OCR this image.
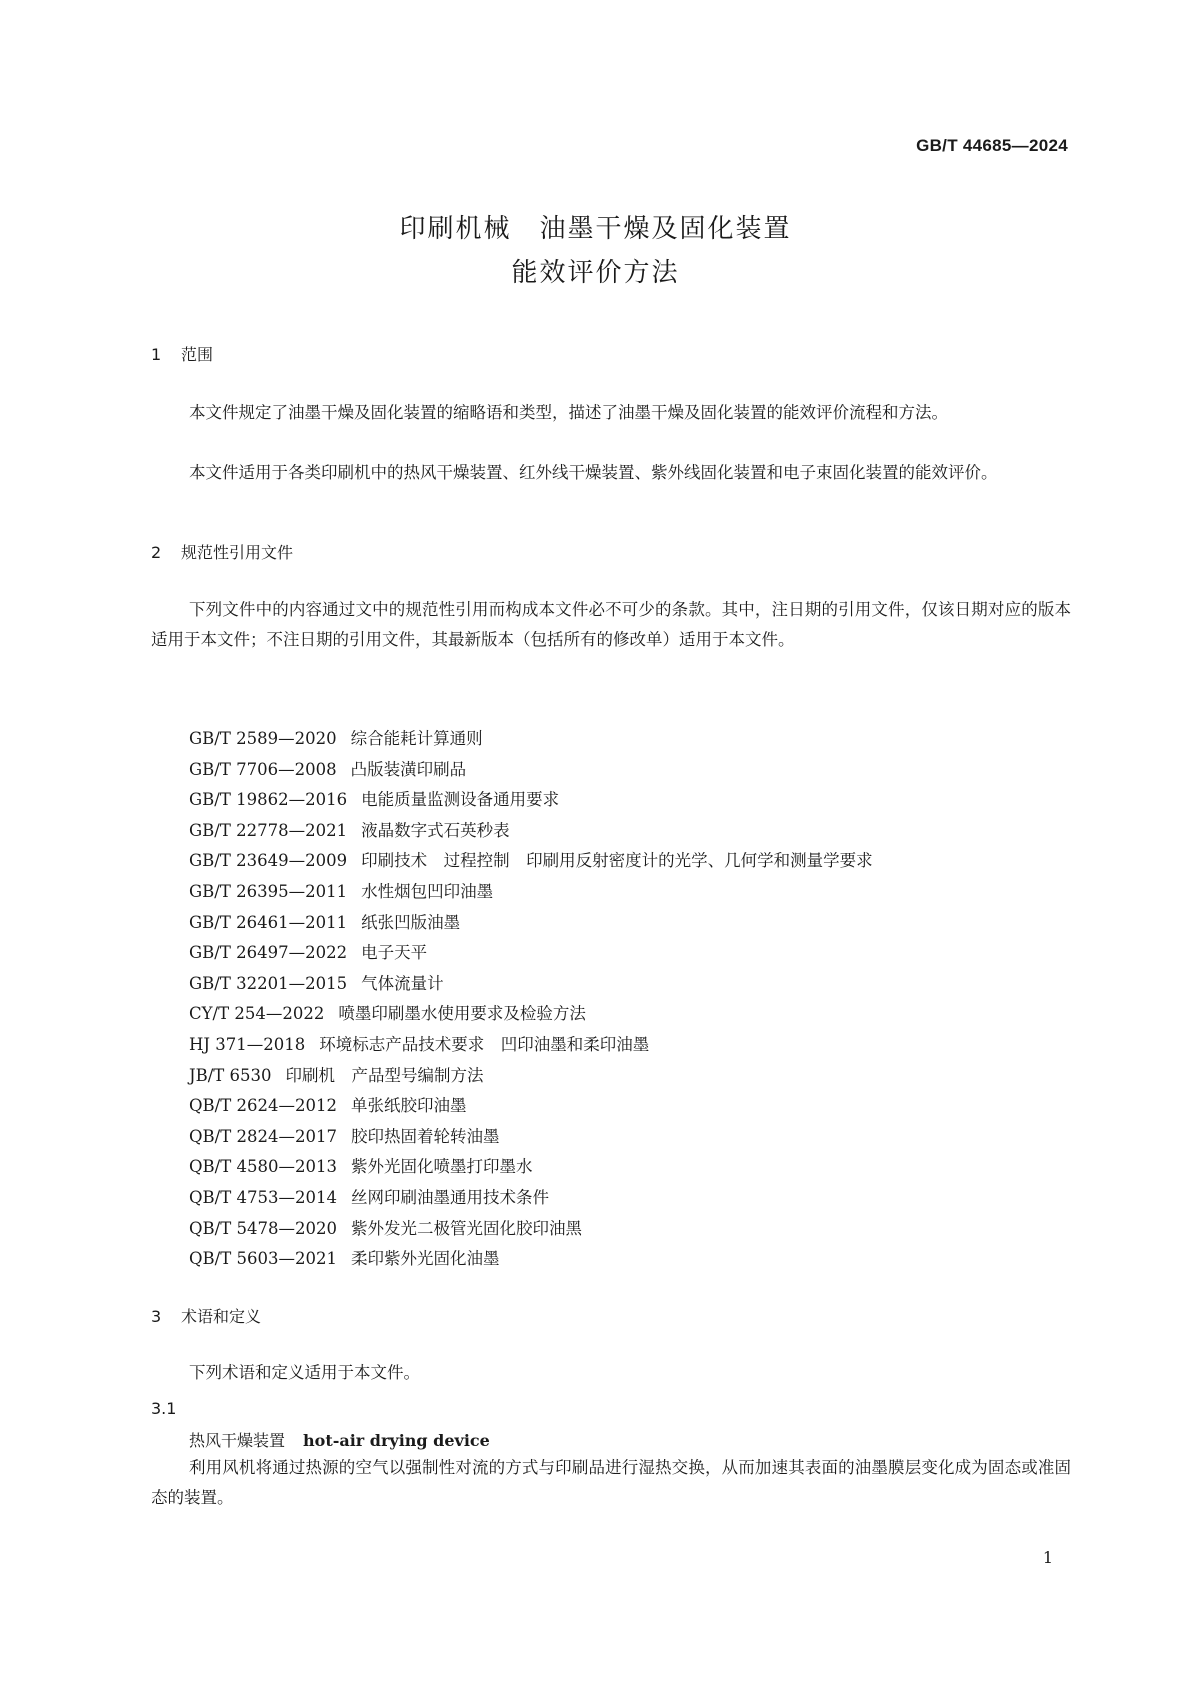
GB/T 44685—2024
印刷机械　油墨干燥及固化装置
能效评价方法
1 范围
本文件规定了油墨干燥及固化装置的缩略语和类型，描述了油墨干燥及固化装置的能效评价流程和方法。
本文件适用于各类印刷机中的热风干燥装置、红外线干燥装置、紫外线固化装置和电子束固化装置的能效评价。
2 规范性引用文件
下列文件中的内容通过文中的规范性引用而构成本文件必不可少的条款。其中，注日期的引用文件，仅该日期对应的版本适用于本文件；不注日期的引用文件，其最新版本（包括所有的修改单）适用于本文件。
GB/T 2589—2020 综合能耗计算通则
GB/T 7706—2008 凸版装潢印刷品
GB/T 19862—2016 电能质量监测设备通用要求
GB/T 22778—2021 液晶数字式石英秒表
GB/T 23649—2009 印刷技术　过程控制　印刷用反射密度计的光学、几何学和测量学要求
GB/T 26395—2011 水性烟包凹印油墨
GB/T 26461—2011 纸张凹版油墨
GB/T 26497—2022 电子天平
GB/T 32201—2015 气体流量计
CY/T 254—2022 喷墨印刷墨水使用要求及检验方法
HJ 371—2018 环境标志产品技术要求　凹印油墨和柔印油墨
JB/T 6530 印刷机　产品型号编制方法
QB/T 2624—2012 单张纸胶印油墨
QB/T 2824—2017 胶印热固着轮转油墨
QB/T 4580—2013 紫外光固化喷墨打印墨水
QB/T 4753—2014 丝网印刷油墨通用技术条件
QB/T 5478—2020 紫外发光二极管光固化胶印油黑
QB/T 5603—2021 柔印紫外光固化油墨
3 术语和定义
下列术语和定义适用于本文件。
3.1
热风干燥装置 hot-air drying device
利用风机将通过热源的空气以强制性对流的方式与印刷品进行湿热交换，从而加速其表面的油墨膜层变化成为固态或准固态的装置。
1
